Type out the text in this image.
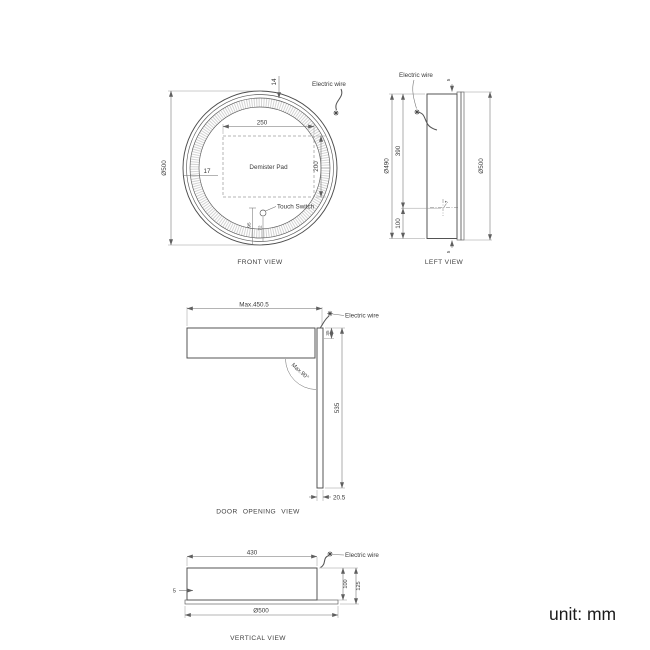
Ø500
14
Demister Pad
250
200
17
Touch Switch
95
72
Electric wire
FRONT VIEW
Ø490
390
100
Ø500
5
5
7
Electric wire
LEFT VIEW
Max.450.5
35
535
Max.90°
20.5
Electric wire
DOOR OPENING VIEW
430
100 125
5
Ø500
Electric wire
VERTICAL VIEW
unit: mm
